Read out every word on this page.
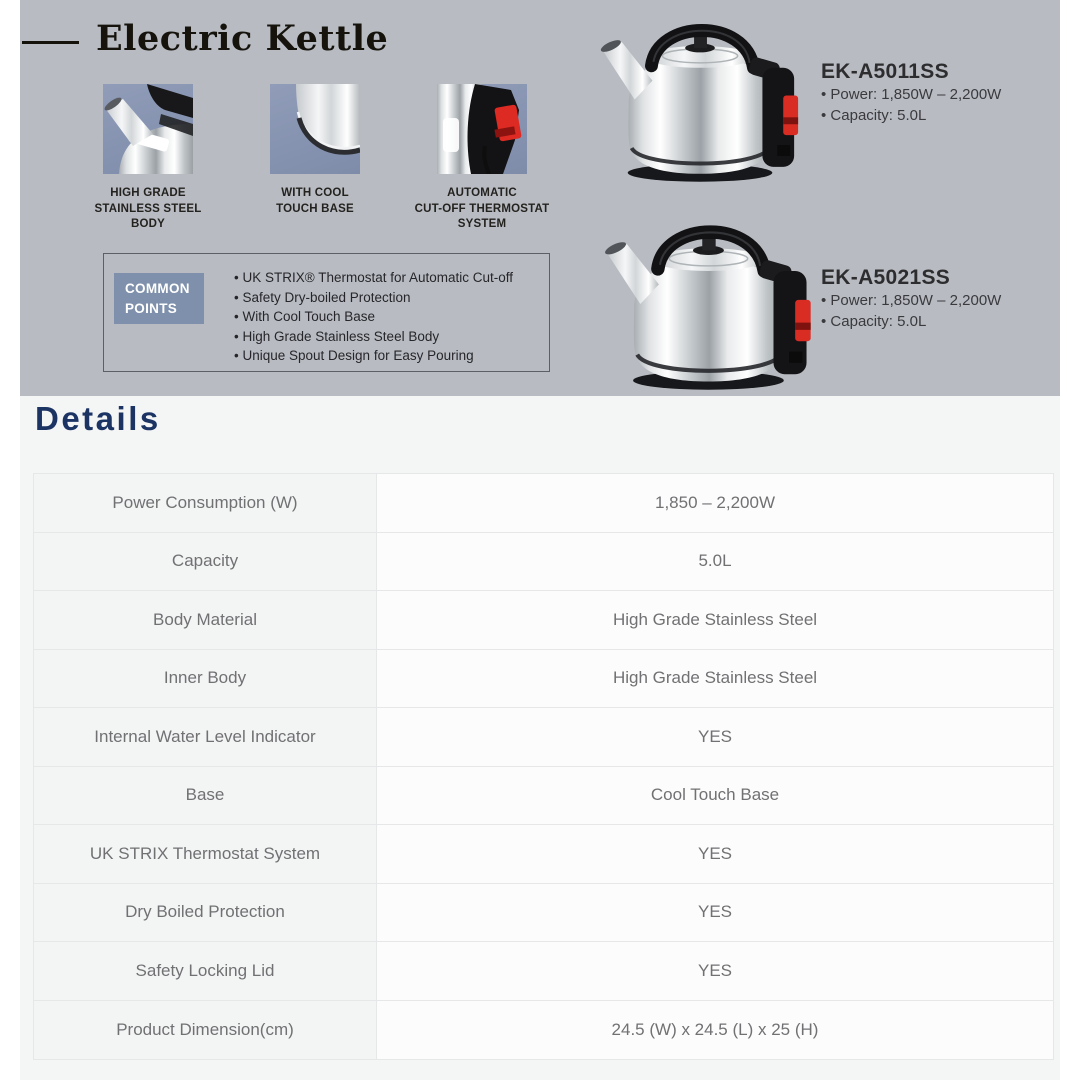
Electric Kettle
HIGH GRADE
STAINLESS STEEL
BODY
WITH COOL
TOUCH BASE
AUTOMATIC
CUT-OFF THERMOSTAT
SYSTEM
COMMON
POINTS
• UK STRIX® Thermostat for Automatic Cut-off
• Safety Dry-boiled Protection
• With Cool Touch Base
• High Grade Stainless Steel Body
• Unique Spout Design for Easy Pouring
EK-A5011SS
• Power: 1,850W – 2,200W
• Capacity: 5.0L
EK-A5021SS
• Power: 1,850W – 2,200W
• Capacity: 5.0L
Details
Power Consumption (W)	1,850 – 2,200W
Capacity	5.0L
Body Material	High Grade Stainless Steel
Inner Body	High Grade Stainless Steel
Internal Water Level Indicator	YES
Base	Cool Touch Base
UK STRIX Thermostat System	YES
Dry Boiled Protection	YES
Safety Locking Lid	YES
Product Dimension(cm)	24.5 (W) x 24.5 (L) x 25 (H)
